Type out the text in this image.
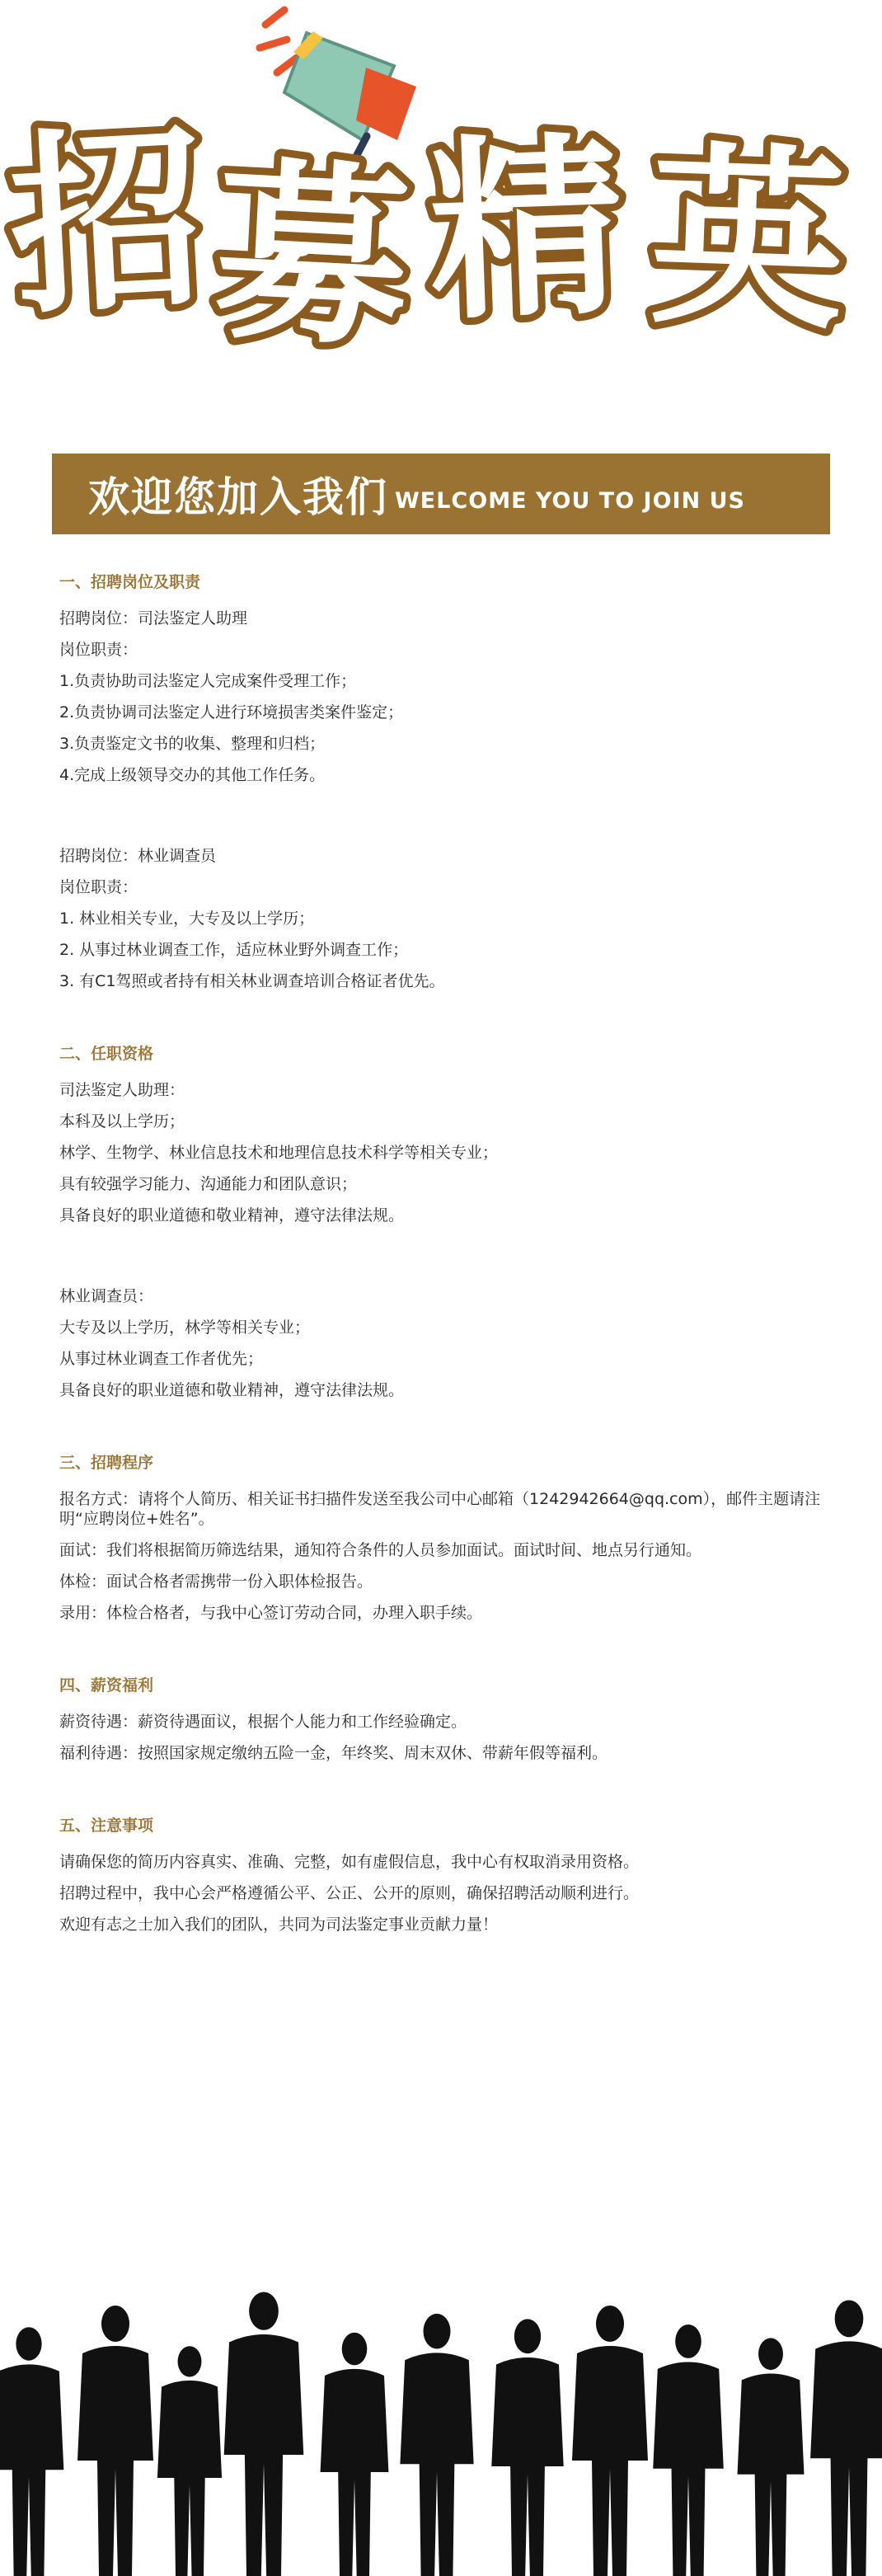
招 募 精 英
欢迎您加入我们 WELCOME YOU TO JOIN US
一、招聘岗位及职责
招聘岗位：司法鉴定人助理
岗位职责：
1.负责协助司法鉴定人完成案件受理工作；
2.负责协调司法鉴定人进行环境损害类案件鉴定；
3.负责鉴定文书的收集、整理和归档；
4.完成上级领导交办的其他工作任务。
招聘岗位：林业调查员
岗位职责：
1. 林业相关专业，大专及以上学历；
2. 从事过林业调查工作，适应林业野外调查工作；
3. 有C1驾照或者持有相关林业调查培训合格证者优先。
二、任职资格
司法鉴定人助理：
本科及以上学历；
林学、生物学、林业信息技术和地理信息技术科学等相关专业；
具有较强学习能力、沟通能力和团队意识；
具备良好的职业道德和敬业精神，遵守法律法规。
林业调查员：
大专及以上学历，林学等相关专业；
从事过林业调查工作者优先；
具备良好的职业道德和敬业精神，遵守法律法规。
三、招聘程序
报名方式：请将个人简历、相关证书扫描件发送至我公司中心邮箱（1242942664@qq.com），邮件主题请注明“应聘岗位+姓名”。
面试：我们将根据简历筛选结果，通知符合条件的人员参加面试。面试时间、地点另行通知。
体检：面试合格者需携带一份入职体检报告。
录用：体检合格者，与我中心签订劳动合同，办理入职手续。
四、薪资福利
薪资待遇：薪资待遇面议，根据个人能力和工作经验确定。
福利待遇：按照国家规定缴纳五险一金，年终奖、周末双休、带薪年假等福利。
五、注意事项
请确保您的简历内容真实、准确、完整，如有虚假信息，我中心有权取消录用资格。
招聘过程中，我中心会严格遵循公平、公正、公开的原则，确保招聘活动顺利进行。
欢迎有志之士加入我们的团队，共同为司法鉴定事业贡献力量！
